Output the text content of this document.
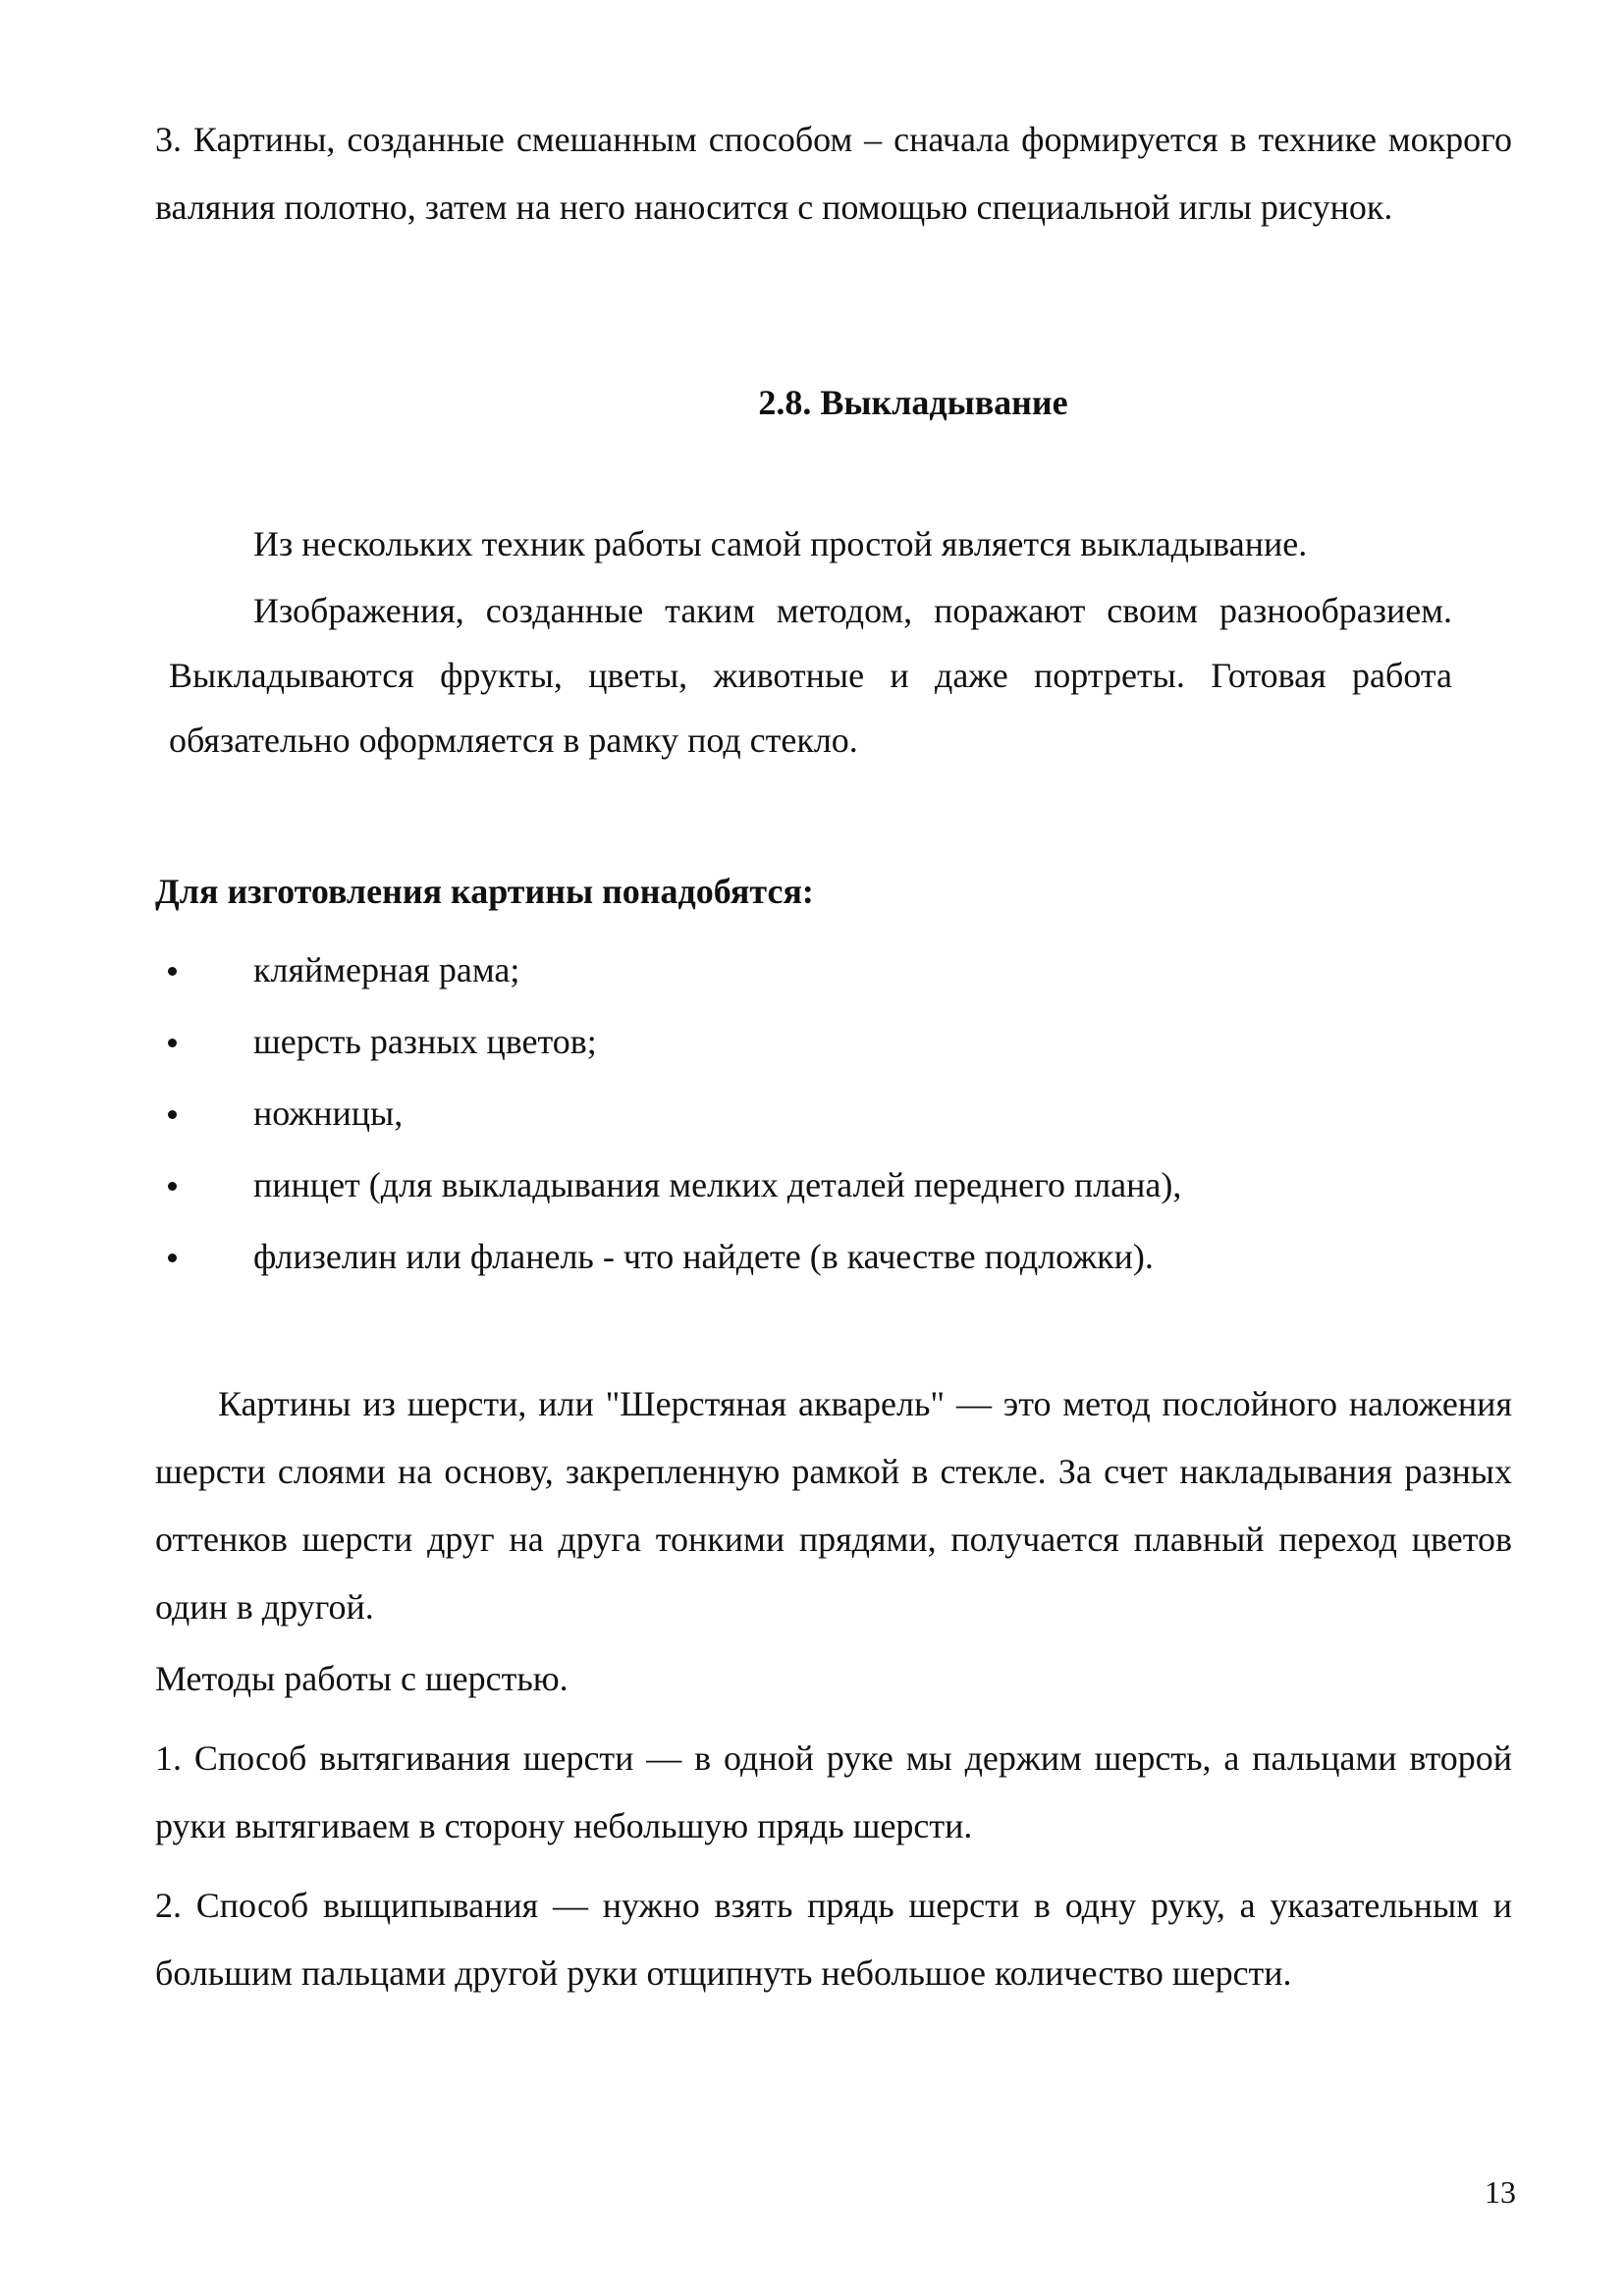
3. Картины, созданные смешанным способом – сначала формируется в технике мокрого валяния полотно, затем на него наносится с помощью специальной иглы рисунок.

2.8. Выкладывание

Из нескольких техник работы самой простой является выкладывание.

Изображения, созданные таким методом, поражают своим разнообразием. Выкладываются фрукты, цветы, животные и даже портреты. Готовая работа обязательно оформляется в рамку под стекло.

Для изготовления картины понадобятся:

кляймерная рама;
шерсть разных цветов;
ножницы,
пинцет (для выкладывания мелких деталей переднего плана),
флизелин или фланель - что найдете (в качестве подложки).

Картины из шерсти, или "Шерстяная акварель" — это метод послойного наложения шерсти слоями на основу, закрепленную рамкой в стекле. За счет накладывания разных оттенков шерсти друг на друга тонкими прядями, получается плавный переход цветов один в другой.

Методы работы с шерстью.

1. Способ вытягивания шерсти — в одной руке мы держим шерсть, а пальцами второй руки вытягиваем в сторону небольшую прядь шерсти.

2. Способ выщипывания — нужно взять прядь шерсти в одну руку, а указательным и большим пальцами другой руки отщипнуть небольшое количество шерсти.

13
